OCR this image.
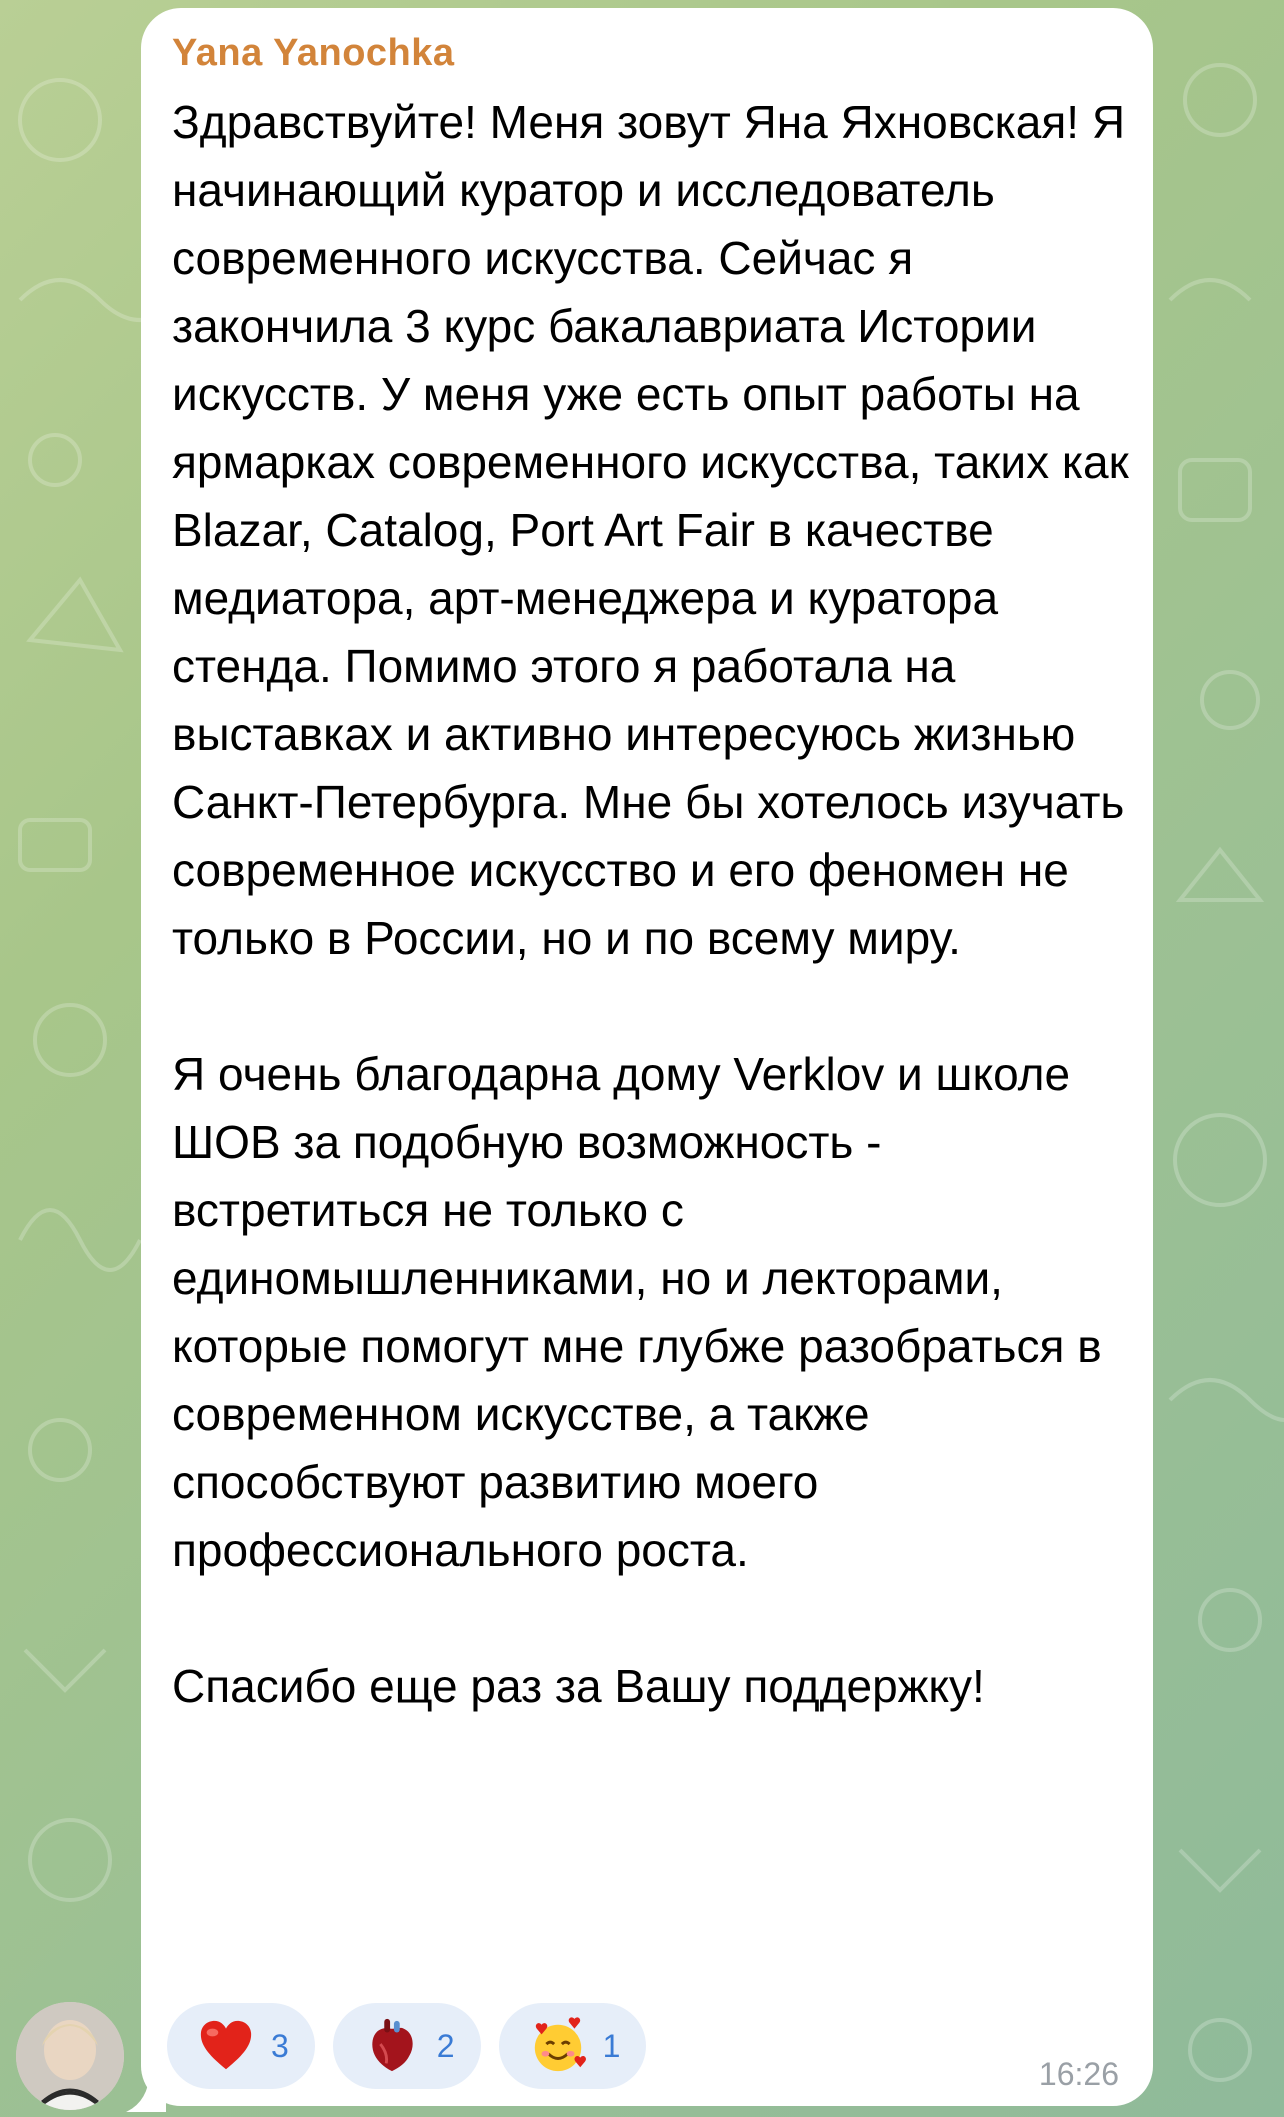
Yana Yanochka
Здравствуйте! Меня зовут Яна Яхновская! Я начинающий куратор и исследователь современного искусства. Сейчас я закончила 3 курс бакалавриата Истории искусств. У меня уже есть опыт работы на ярмарках современного искусства, таких как Blazar, Catalog, Port Art Fair в качестве медиатора, арт-менеджера и куратора стенда. Помимо этого я работала на выставках и активно интересуюсь жизнью Санкт-Петербурга. Мне бы хотелось изучать современное искусство и его феномен не только в России, но и по всему миру.

Я очень благодарна дому Verklov и школе ШОВ за подобную возможность - встретиться не только с единомышленниками, но и лекторами, которые помогут мне глубже разобраться в современном искусстве, а также способствуют развитию моего профессионального роста.

Спасибо еще раз за Вашу поддержку!
3	2	1
16:26
